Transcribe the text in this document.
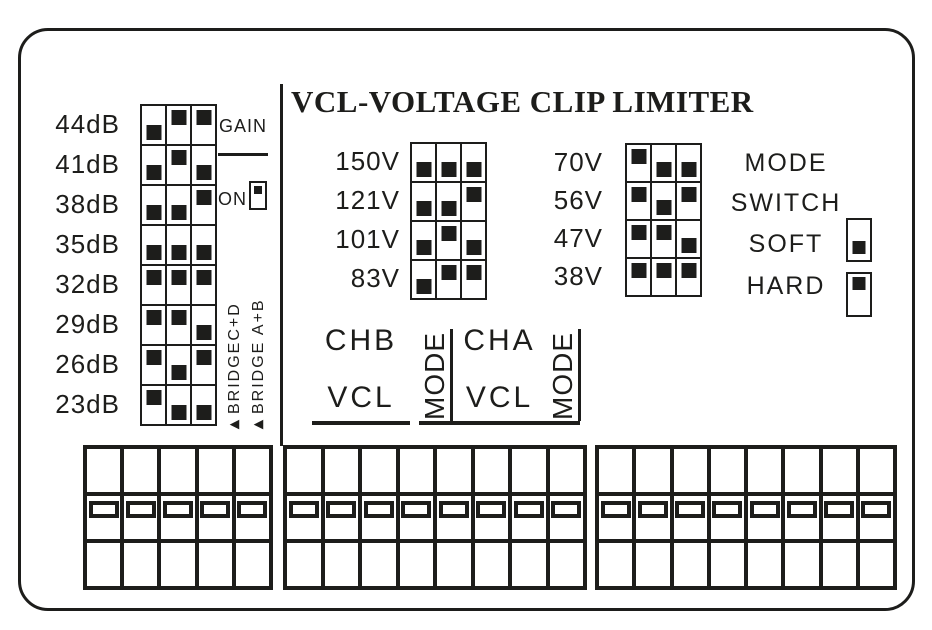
VCL-VOLTAGE CLIP LIMITER
44dB
41dB
38dB
35dB
32dB
29dB
26dB
23dB
GAIN
ON
►BRIDGEC+D ►BRIDGE A+B
150V
121V
101V
83V
70V
56V
47V
38V
MODE
SWITCH
SOFT
HARD
CHB
VCL MODE CHA
VCL MODE
